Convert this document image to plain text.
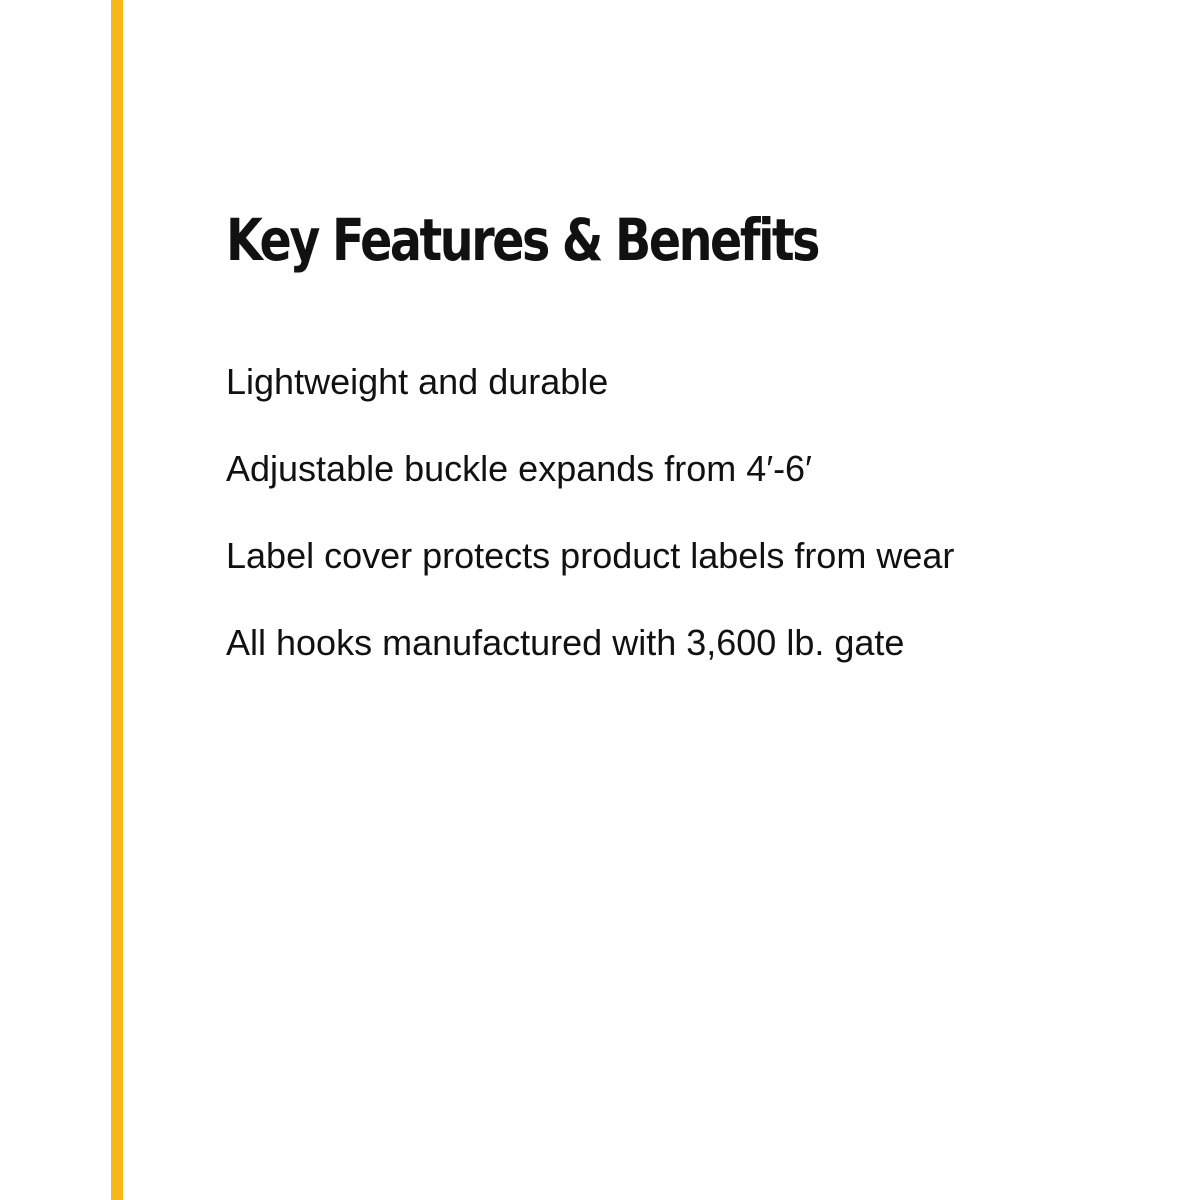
Key Features & Benefits
Lightweight and durable
Adjustable buckle expands from 4′-6′
Label cover protects product labels from wear
All hooks manufactured with 3,600 lb. gate
